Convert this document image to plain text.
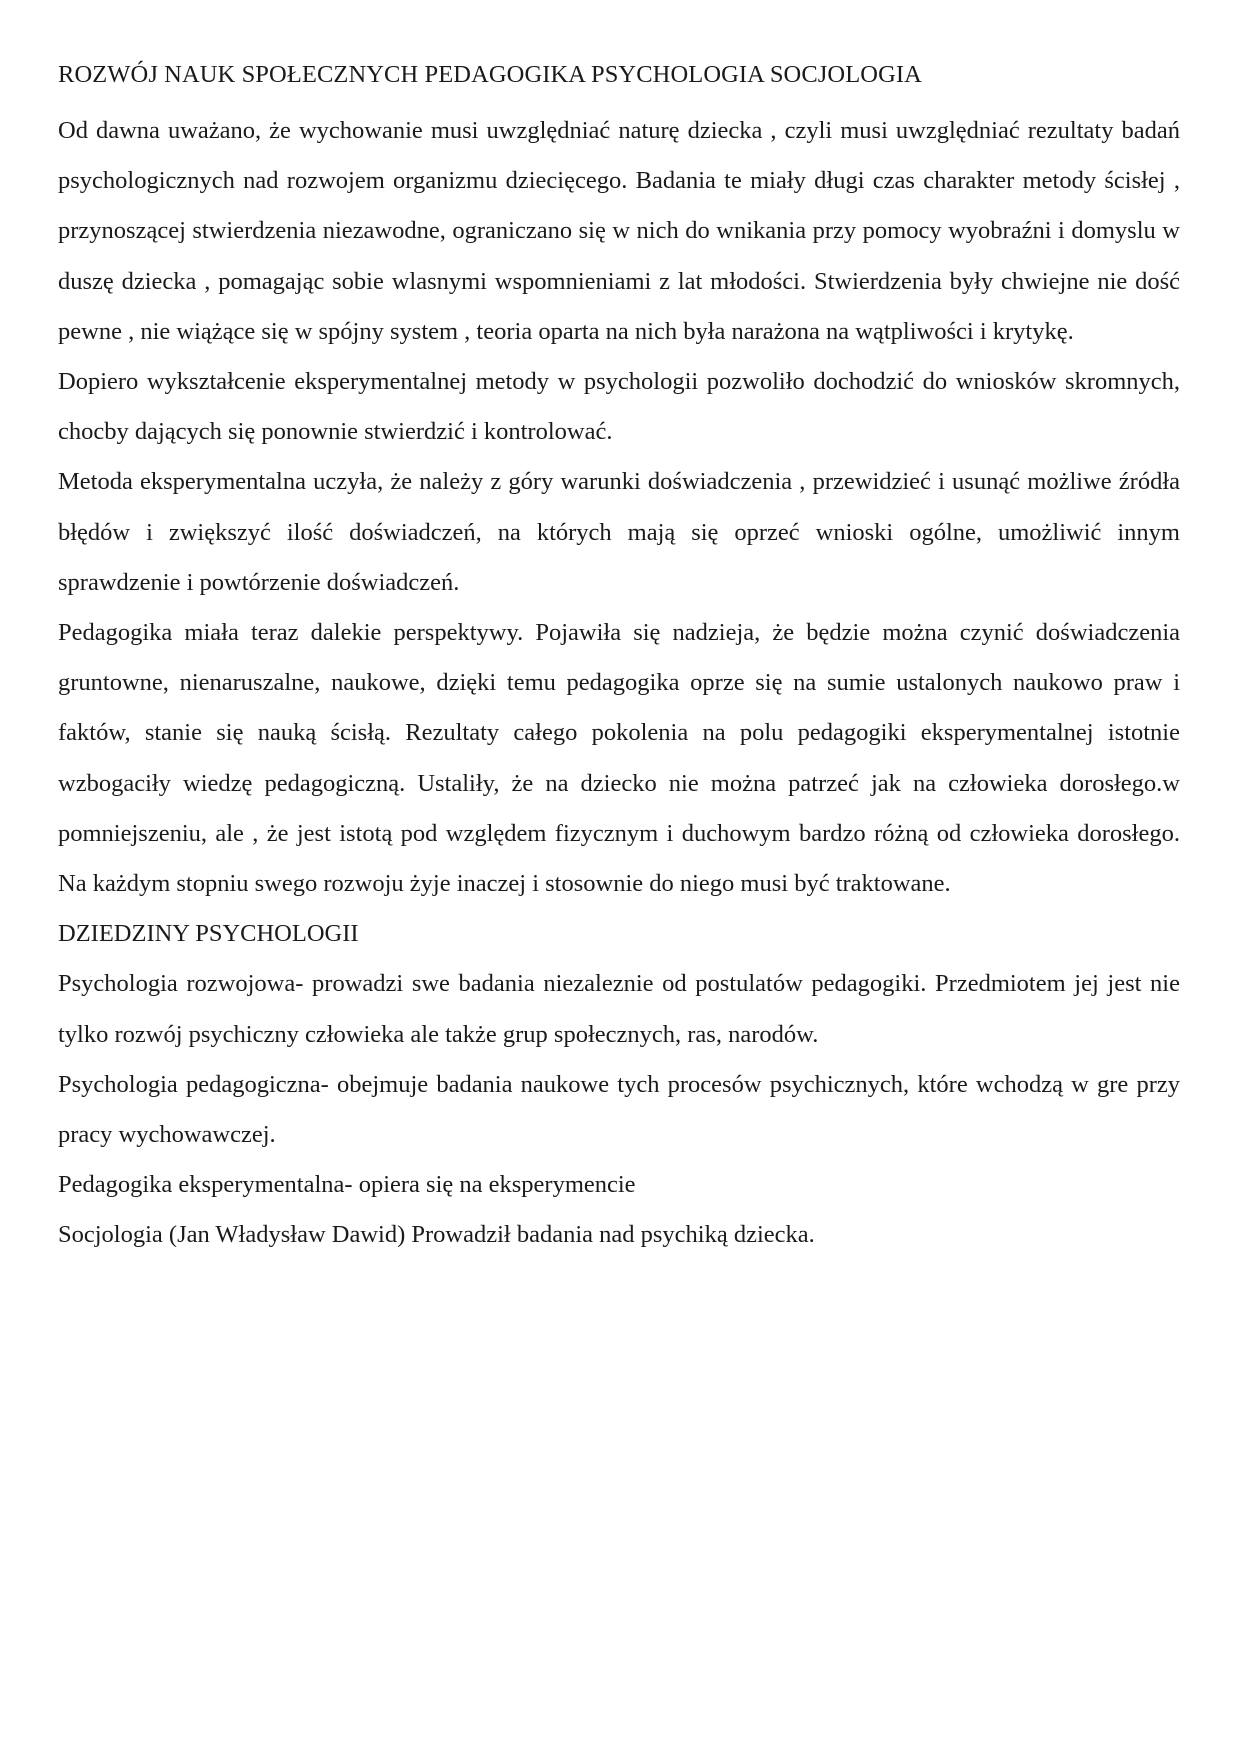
ROZWÓJ NAUK SPOŁECZNYCH PEDAGOGIKA PSYCHOLOGIA SOCJOLOGIA

Od dawna uważano, że wychowanie musi uwzględniać naturę dziecka , czyli musi uwzględniać rezultaty badań psychologicznych nad rozwojem organizmu dziecięcego. Badania te miały długi czas charakter metody ścisłej , przynoszącej stwierdzenia niezawodne, ograniczano się w nich do wnikania przy pomocy wyobraźni i domyslu w duszę dziecka , pomagając sobie wlasnymi wspomnieniami z lat młodości. Stwierdzenia były chwiejne nie dość pewne , nie wiążące się w spójny system , teoria oparta na nich była narażona na wątpliwości i krytykę.

Dopiero wykształcenie eksperymentalnej metody w psychologii pozwoliło dochodzić do wniosków skromnych, chocby dających się ponownie stwierdzić i kontrolować.

Metoda eksperymentalna uczyła, że należy z góry warunki doświadczenia , przewidzieć i usunąć możliwe źródła błędów i zwiększyć ilość doświadczeń, na których mają się oprzeć wnioski ogólne, umożliwić innym sprawdzenie i powtórzenie doświadczeń.

Pedagogika miała teraz dalekie perspektywy. Pojawiła się nadzieja, że będzie można czynić doświadczenia gruntowne, nienaruszalne, naukowe, dzięki temu pedagogika oprze się na sumie ustalonych naukowo praw i faktów, stanie się nauką ścisłą. Rezultaty całego pokolenia na polu pedagogiki eksperymentalnej istotnie wzbogaciły wiedzę pedagogiczną. Ustaliły, że na dziecko nie można patrzeć jak na człowieka dorosłego.w pomniejszeniu, ale , że jest istotą pod względem fizycznym i duchowym bardzo różną od człowieka dorosłego. Na każdym stopniu swego rozwoju żyje inaczej i stosownie do niego musi być traktowane.

DZIEDZINY PSYCHOLOGII

Psychologia rozwojowa- prowadzi swe badania niezaleznie od postulatów pedagogiki. Przedmiotem jej jest nie tylko rozwój psychiczny człowieka ale także grup społecznych, ras, narodów.

Psychologia pedagogiczna- obejmuje badania naukowe tych procesów psychicznych, które wchodzą w gre przy pracy wychowawczej.

Pedagogika eksperymentalna- opiera się na eksperymencie

Socjologia (Jan Władysław Dawid) Prowadził badania nad psychiką dziecka.
